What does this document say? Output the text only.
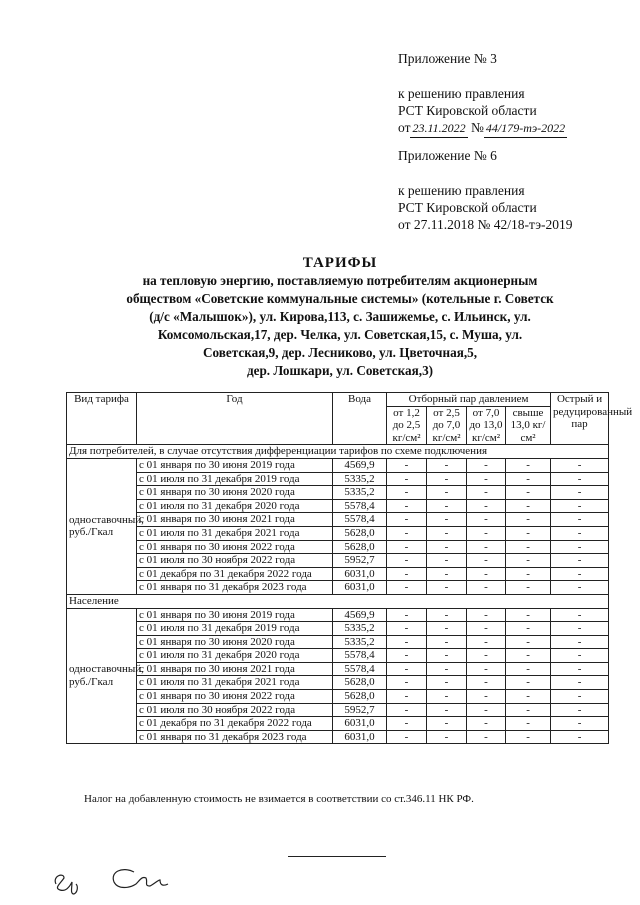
Приложение № 3
к решению правления
РСТ Кировской области
от 23.11.2022 № 44/179-тэ-2022
Приложение № 6
к решению правления
РСТ Кировской области
от 27.11.2018 № 42/18-тэ-2019
ТАРИФЫ
на тепловую энергию, поставляемую потребителям акционерным
обществом «Советские коммунальные системы» (котельные г. Советск
(д/с «Малышок»), ул. Кирова,113, с. Зашижемье, с. Ильинск, ул.
Комсомольская,17, дер. Челка, ул. Советская,15, с. Муша, ул.
Советская,9, дер. Лесниково, ул. Цветочная,5,
дер. Лошкари, ул. Советская,3)
Вид тарифа	Год	Вода	Отборный пар давлением				Острый и редуцированный пар
			от 1,2 до 2,5 кг/см²	от 2,5 до 7,0 кг/см²	от 7,0 до 13,0 кг/см²	свыше 13,0 кг/см²	
Для потребителей, в случае отсутствия дифференциации тарифов по схеме подключения							
одноставочный, руб./Гкал	с 01 января по 30 июня 2019 года	4569,9	-	-	-	-	-
	с 01 июля по 31 декабря 2019 года	5335,2	-	-	-	-	-
	с 01 января по 30 июня 2020 года	5335,2	-	-	-	-	-
	с 01 июля по 31 декабря 2020 года	5578,4	-	-	-	-	-
	с 01 января по 30 июня 2021 года	5578,4	-	-	-	-	-
	с 01 июля по 31 декабря 2021 года	5628,0	-	-	-	-	-
	с 01 января по 30 июня 2022 года	5628,0	-	-	-	-	-
	с 01 июля по 30 ноября 2022 года	5952,7	-	-	-	-	-
	с 01 декабря по 31 декабря 2022 года	6031,0	-	-	-	-	-
	с 01 января по 31 декабря 2023 года	6031,0	-	-	-	-	-
Население							
одноставочный, руб./Гкал	с 01 января по 30 июня 2019 года	4569,9	-	-	-	-	-
	с 01 июля по 31 декабря 2019 года	5335,2	-	-	-	-	-
	с 01 января по 30 июня 2020 года	5335,2	-	-	-	-	-
	с 01 июля по 31 декабря 2020 года	5578,4	-	-	-	-	-
	с 01 января по 30 июня 2021 года	5578,4	-	-	-	-	-
	с 01 июля по 31 декабря 2021 года	5628,0	-	-	-	-	-
	с 01 января по 30 июня 2022 года	5628,0	-	-	-	-	-
	с 01 июля по 30 ноября 2022 года	5952,7	-	-	-	-	-
	с 01 декабря по 31 декабря 2022 года	6031,0	-	-	-	-	-
	с 01 января по 31 декабря 2023 года	6031,0	-	-	-	-	-
Налог на добавленную стоимость не взимается в соответствии со ст.346.11 НК РФ.
